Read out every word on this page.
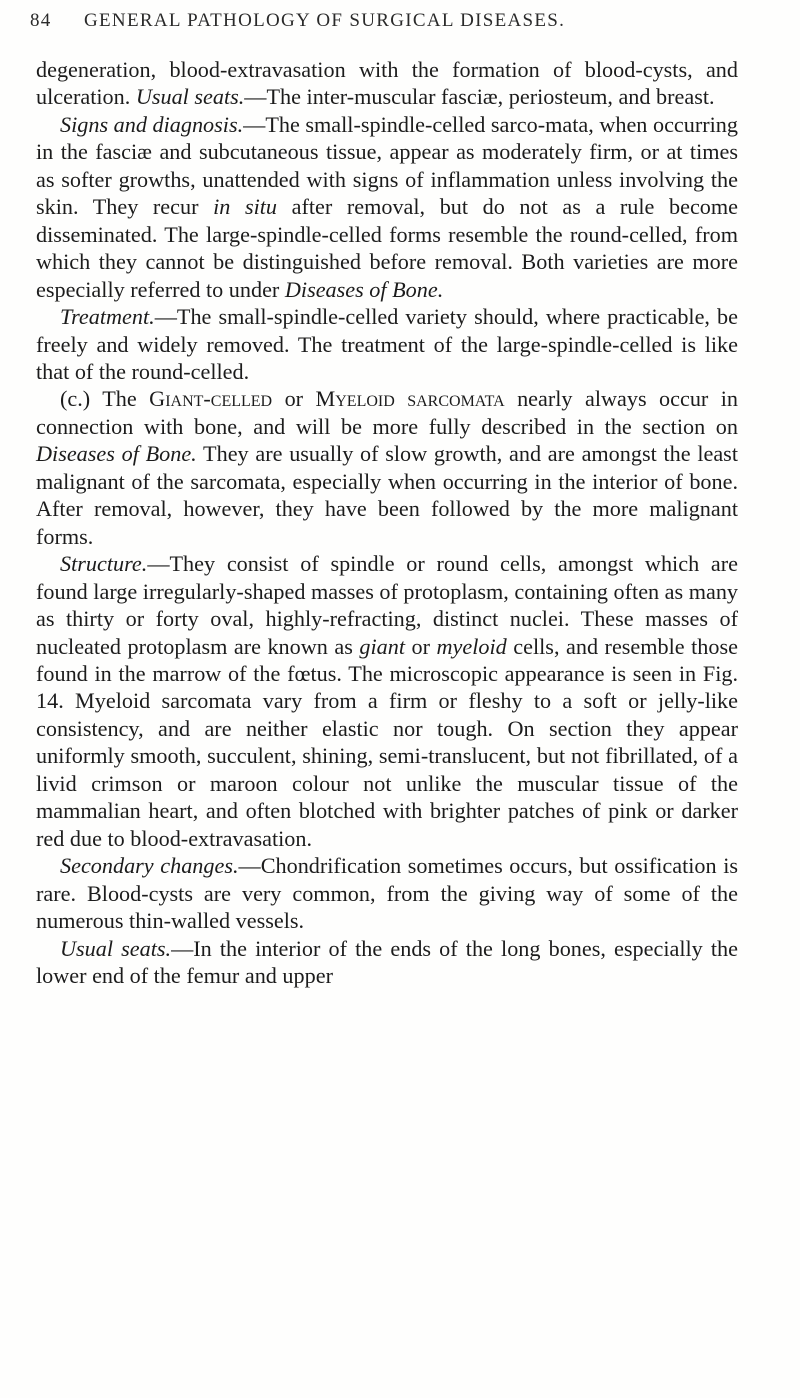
84 GENERAL PATHOLOGY OF SURGICAL DISEASES.

degeneration, blood-extravasation with the formation of blood-cysts, and ulceration. Usual seats.—The inter-muscular fasciæ, periosteum, and breast.

Signs and diagnosis.—The small-spindle-celled sarco-mata, when occurring in the fasciæ and subcutaneous tissue, appear as moderately firm, or at times as softer growths, unattended with signs of inflammation unless involving the skin. They recur in situ after removal, but do not as a rule become disseminated. The large-spindle-celled forms resemble the round-celled, from which they cannot be distinguished before removal. Both varieties are more especially referred to under Diseases of Bone.

Treatment.—The small-spindle-celled variety should, where practicable, be freely and widely removed. The treatment of the large-spindle-celled is like that of the round-celled.

(c.) The Giant-celled or Myeloid sarcomata nearly always occur in connection with bone, and will be more fully described in the section on Diseases of Bone. They are usually of slow growth, and are amongst the least malignant of the sarcomata, especially when occurring in the interior of bone. After removal, however, they have been followed by the more malignant forms.

Structure.—They consist of spindle or round cells, amongst which are found large irregularly-shaped masses of protoplasm, containing often as many as thirty or forty oval, highly-refracting, distinct nuclei. These masses of nucleated protoplasm are known as giant or myeloid cells, and resemble those found in the marrow of the fœtus. The microscopic appearance is seen in Fig. 14. Myeloid sarcomata vary from a firm or fleshy to a soft or jelly-like consistency, and are neither elastic nor tough. On section they appear uniformly smooth, succulent, shining, semi-translucent, but not fibrillated, of a livid crimson or maroon colour not unlike the muscular tissue of the mammalian heart, and often blotched with brighter patches of pink or darker red due to blood-extravasation.

Secondary changes.—Chondrification sometimes occurs, but ossification is rare. Blood-cysts are very common, from the giving way of some of the numerous thin-walled vessels.

Usual seats.—In the interior of the ends of the long bones, especially the lower end of the femur and upper
